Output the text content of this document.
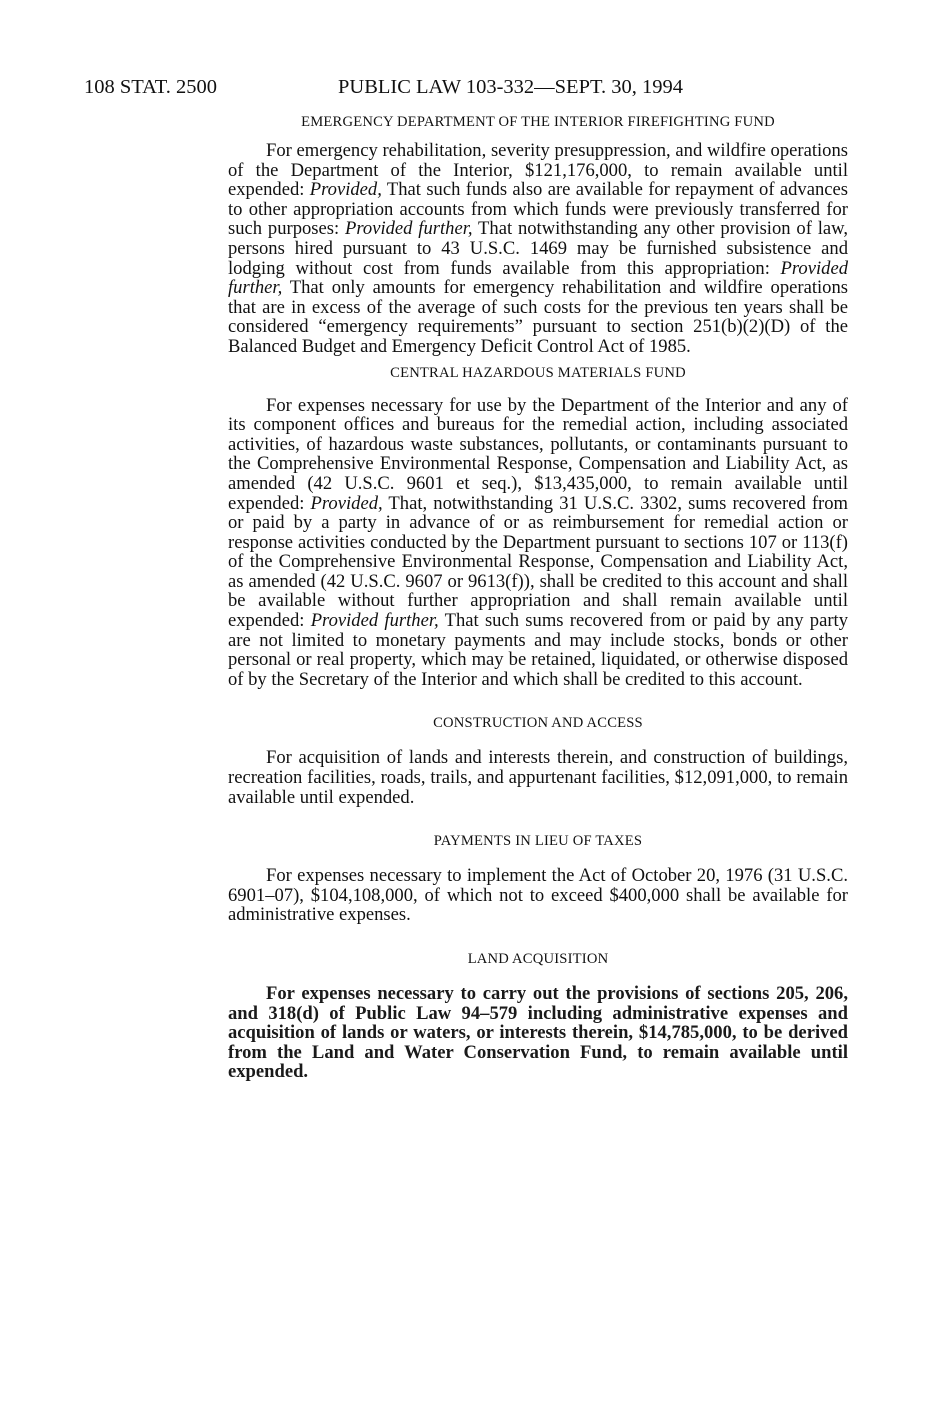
108 STAT. 2500	PUBLIC LAW 103-332—SEPT. 30, 1994
EMERGENCY DEPARTMENT OF THE INTERIOR FIREFIGHTING FUND

For emergency rehabilitation, severity presuppression, and wildfire operations of the Department of the Interior, $121,176,000, to remain available until expended: Provided, That such funds also are available for repayment of advances to other appropriation accounts from which funds were previously transferred for such purposes: Provided further, That notwithstanding any other provision of law, persons hired pursuant to 43 U.S.C. 1469 may be furnished subsistence and lodging without cost from funds available from this appropriation: Provided further, That only amounts for emergency rehabilitation and wildfire operations that are in excess of the average of such costs for the previous ten years shall be considered “emergency requirements” pursuant to section 251(b)(2)(D) of the Balanced Budget and Emergency Deficit Control Act of 1985.

CENTRAL HAZARDOUS MATERIALS FUND

For expenses necessary for use by the Department of the Interior and any of its component offices and bureaus for the remedial action, including associated activities, of hazardous waste substances, pollutants, or contaminants pursuant to the Comprehensive Environmental Response, Compensation and Liability Act, as amended (42 U.S.C. 9601 et seq.), $13,435,000, to remain available until expended: Provided, That, notwithstanding 31 U.S.C. 3302, sums recovered from or paid by a party in advance of or as reimbursement for remedial action or response activities conducted by the Department pursuant to sections 107 or 113(f) of the Comprehensive Environmental Response, Compensation and Liability Act, as amended (42 U.S.C. 9607 or 9613(f)), shall be credited to this account and shall be available without further appropriation and shall remain available until expended: Provided further, That such sums recovered from or paid by any party are not limited to monetary payments and may include stocks, bonds or other personal or real property, which may be retained, liquidated, or otherwise disposed of by the Secretary of the Interior and which shall be credited to this account.

CONSTRUCTION AND ACCESS

For acquisition of lands and interests therein, and construction of buildings, recreation facilities, roads, trails, and appurtenant facilities, $12,091,000, to remain available until expended.

PAYMENTS IN LIEU OF TAXES

For expenses necessary to implement the Act of October 20, 1976 (31 U.S.C. 6901–07), $104,108,000, of which not to exceed $400,000 shall be available for administrative expenses.

LAND ACQUISITION

For expenses necessary to carry out the provisions of sections 205, 206, and 318(d) of Public Law 94–579 including administrative expenses and acquisition of lands or waters, or interests therein, $14,785,000, to be derived from the Land and Water Conservation Fund, to remain available until expended.
